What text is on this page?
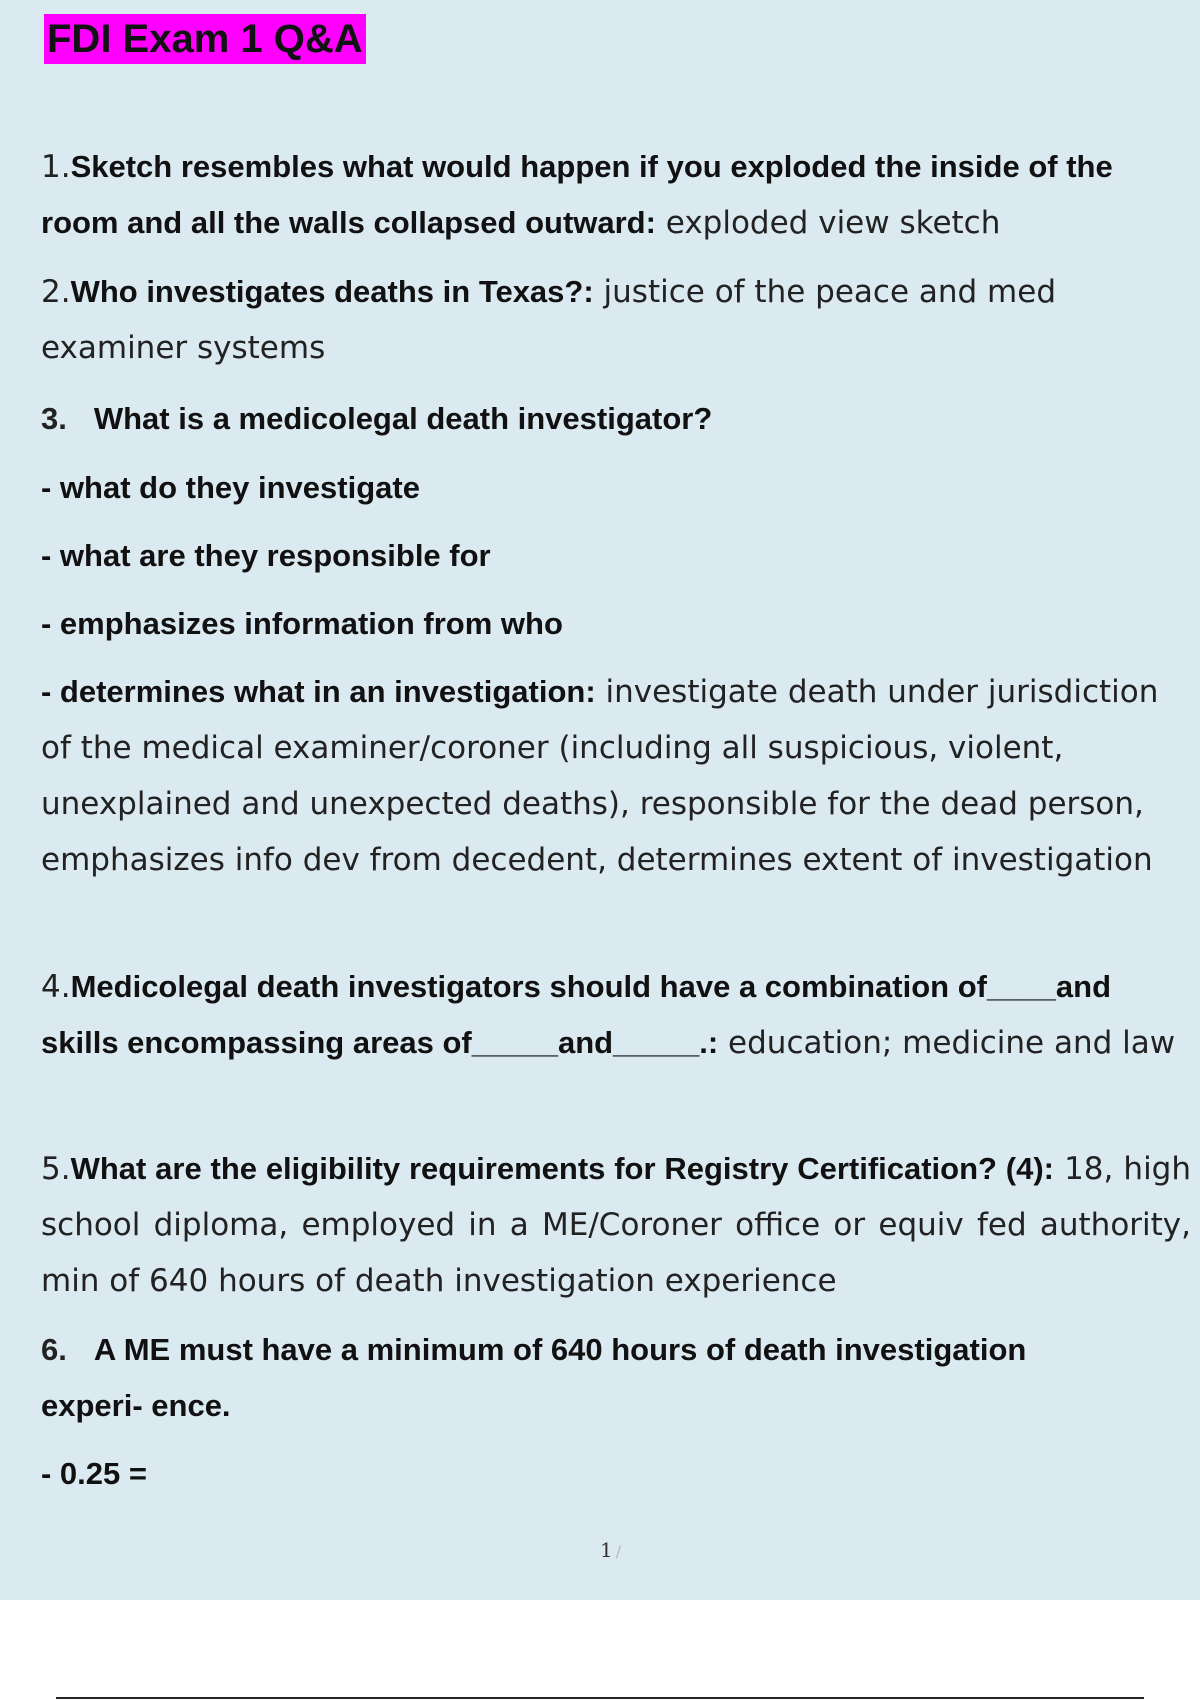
FDI Exam 1 Q&A

1.Sketch resembles what would happen if you exploded the inside of the room and all the walls collapsed outward: exploded view sketch

2.Who investigates deaths in Texas?: justice of the peace and med examiner systems

3. What is a medicolegal death investigator?

- what do they investigate

- what are they responsible for

- emphasizes information from who

- determines what in an investigation: investigate death under jurisdiction of the medical examiner/coroner (including all suspicious, violent, unexplained and unexpected deaths), responsible for the dead person, emphasizes info dev from decedent, determines extent of investigation

4.Medicolegal death investigators should have a combination of____and skills encompassing areas of_____and_____.: education; medicine and law

5.What are the eligibility requirements for Registry Certification? (4): 18, high school diploma, employed in a ME/Coroner office or equiv fed authority, min of 640 hours of death investigation experience

6. A ME must have a minimum of 640 hours of death investigation experi- ence.

- 0.25 =

1 /
